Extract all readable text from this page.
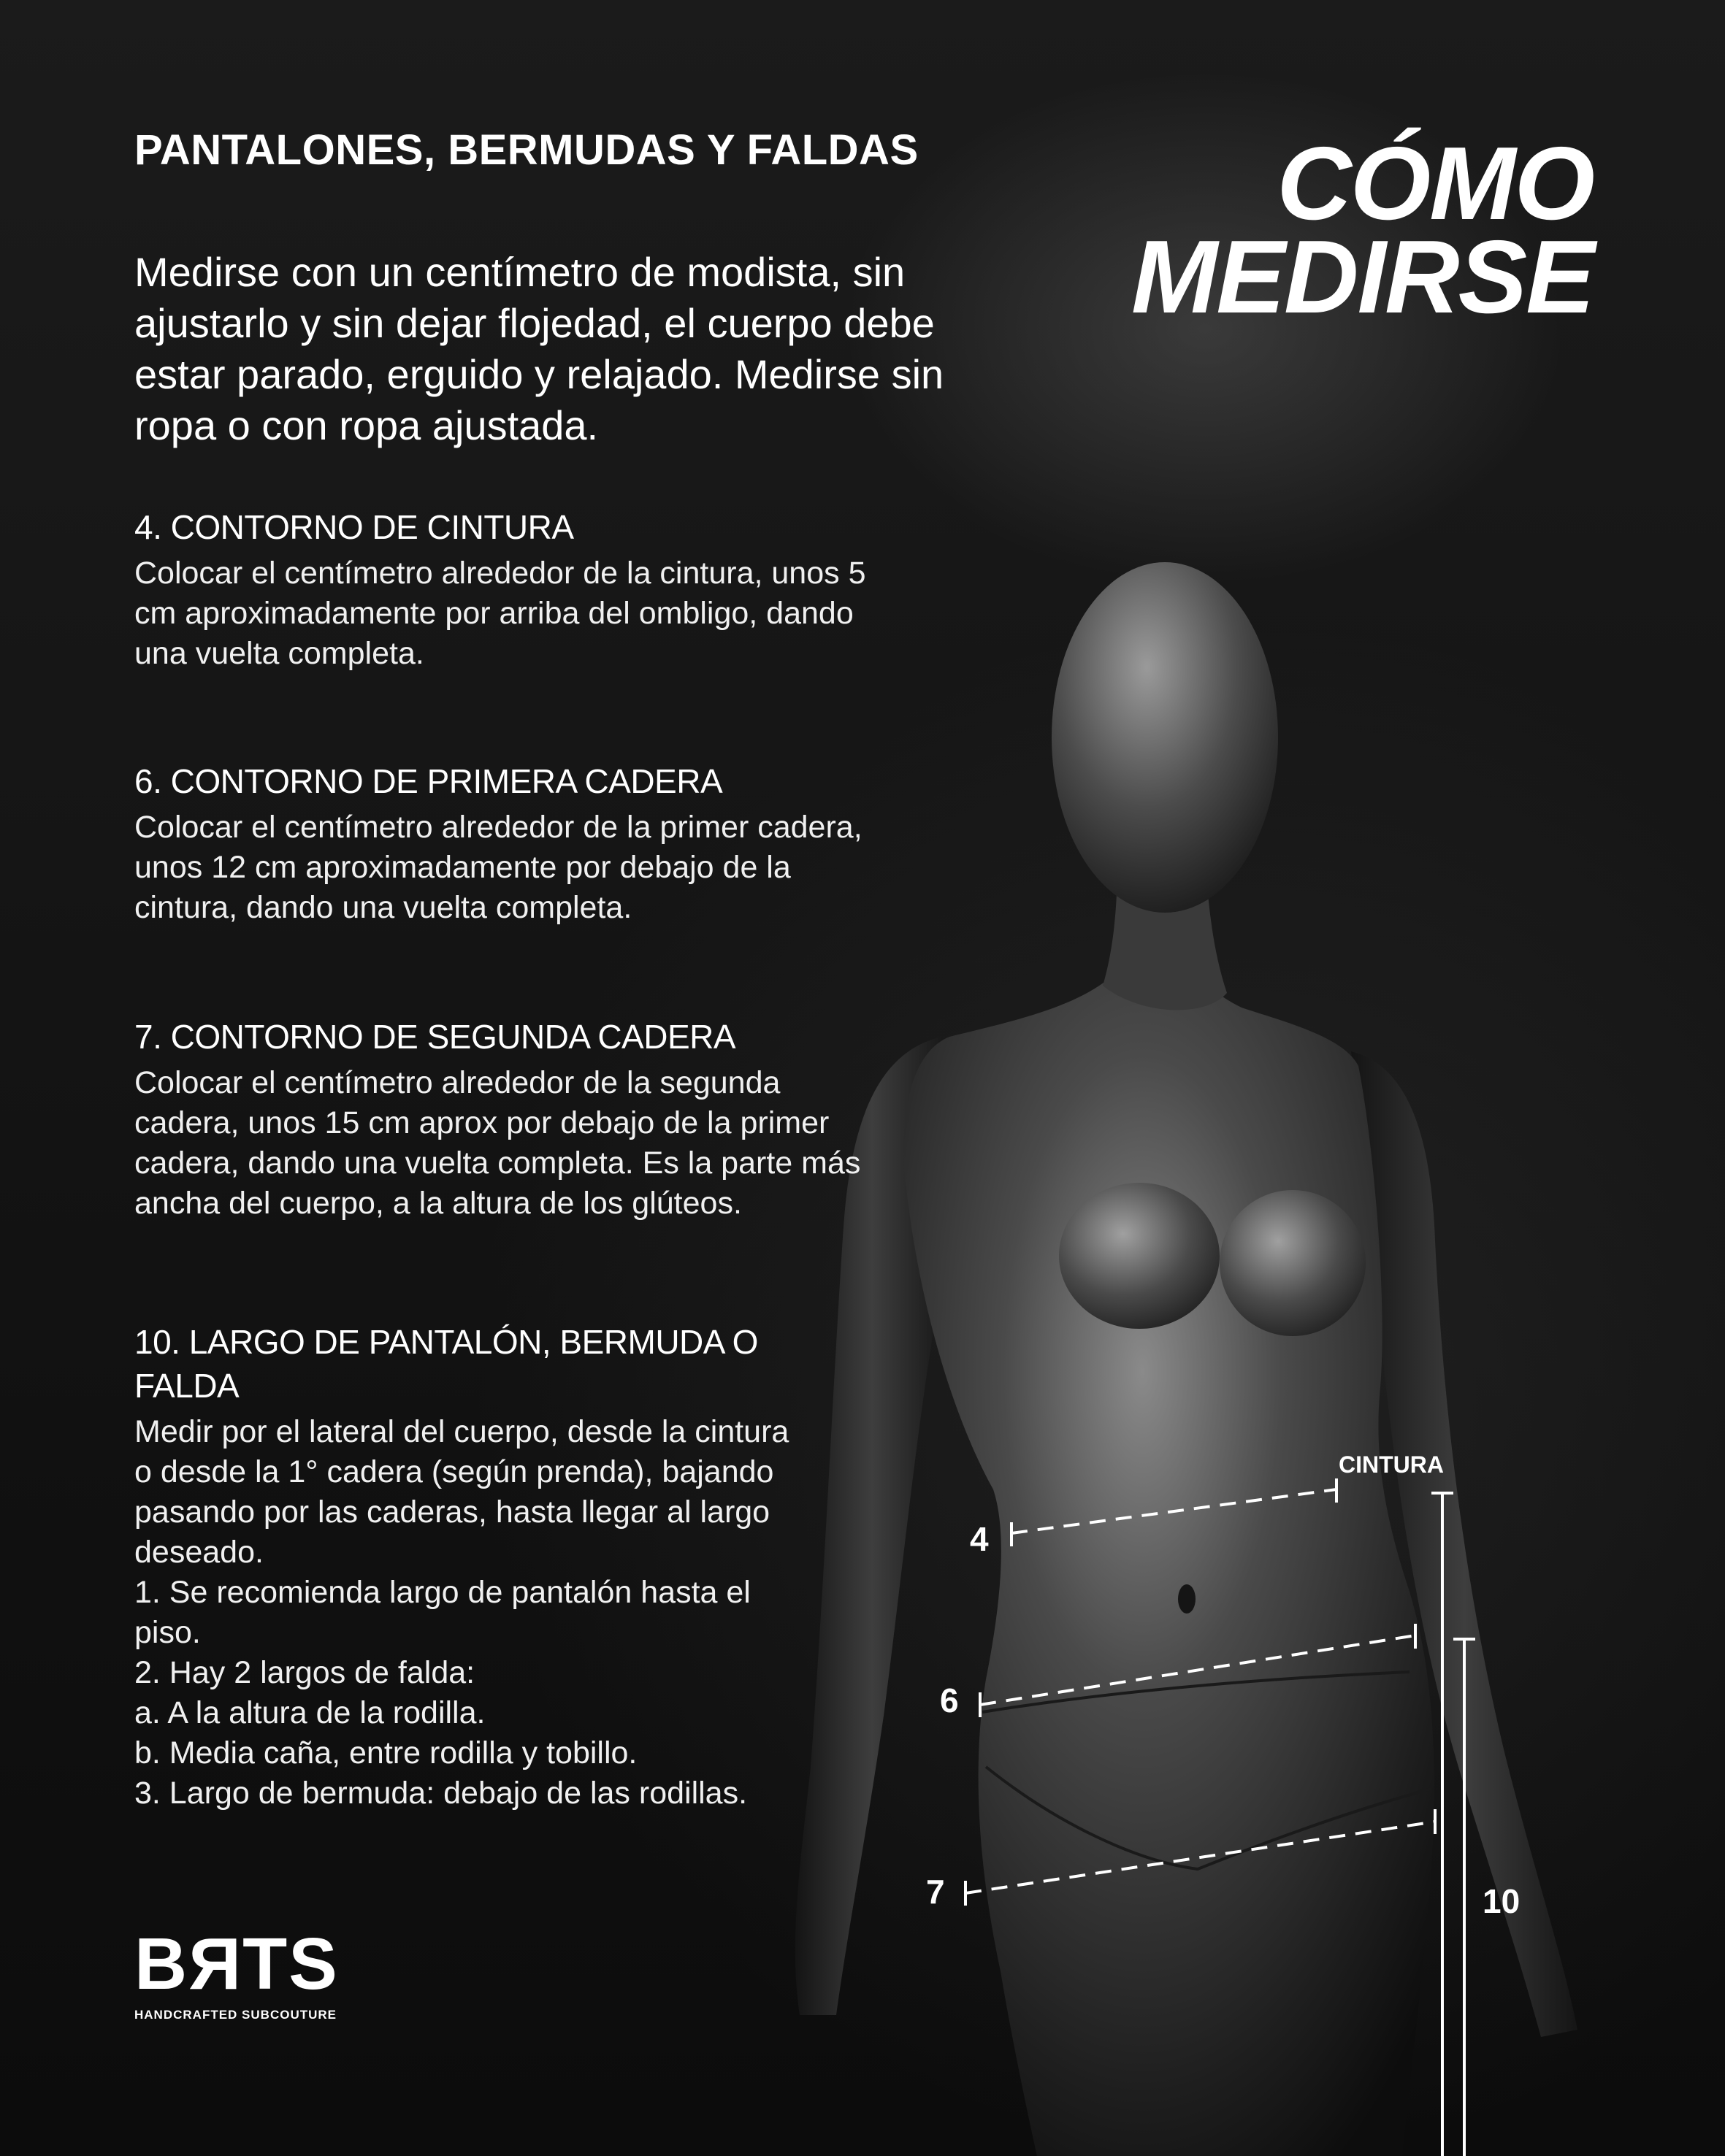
CINTURA
4
6
7	10
PANTALONES, BERMUDAS Y FALDAS	CÓMO
MEDIRSE

Medirse con un centímetro de modista, sin ajustarlo y sin dejar flojedad, el cuerpo debe estar parado, erguido y relajado. Medirse sin ropa o con ropa ajustada.

4. CONTORNO DE CINTURA

Colocar el centímetro alrededor de la cintura, unos 5 cm aproximadamente por arriba del ombligo, dando una vuelta completa.

6. CONTORNO DE PRIMERA CADERA

Colocar el centímetro alrededor de la primer cadera, unos 12 cm aproximadamente por debajo de la cintura, dando una vuelta completa.

7. CONTORNO DE SEGUNDA CADERA

Colocar el centímetro alrededor de la segunda cadera, unos 15 cm aprox por debajo de la primer cadera, dando una vuelta completa. Es la parte más ancha del cuerpo, a la altura de los glúteos.

10. LARGO DE PANTALÓN, BERMUDA O FALDA

Medir por el lateral del cuerpo, desde la cintura o desde la 1° cadera (según prenda), bajando pasando por las caderas, hasta llegar al largo deseado.
1. Se recomienda largo de pantalón hasta el piso.
2. Hay 2 largos de falda:
a. A la altura de la rodilla.
b. Media caña, entre rodilla y tobillo.
3. Largo de bermuda: debajo de las rodillas.

BЯTS
HANDCRAFTED SUBCOUTURE
